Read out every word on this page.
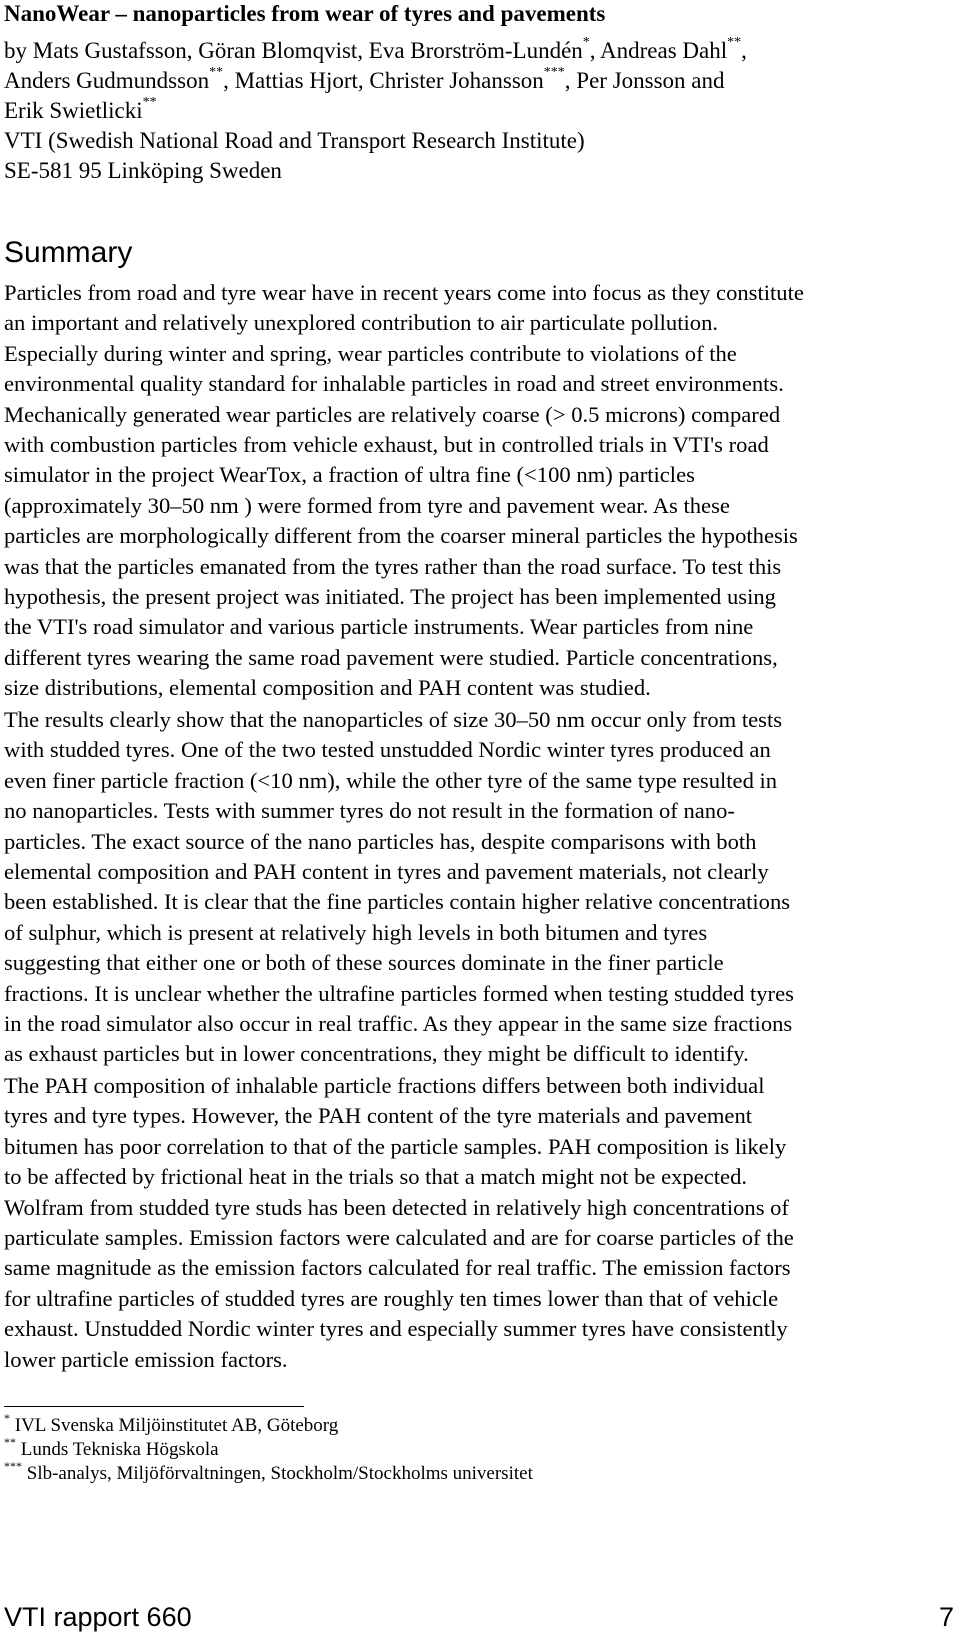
NanoWear – nanoparticles from wear of tyres and pavements
by Mats Gustafsson, Göran Blomqvist, Eva Brorström-Lundén*, Andreas Dahl**,
Anders Gudmundsson**, Mattias Hjort, Christer Johansson***, Per Jonsson and
Erik Swietlicki**
VTI (Swedish National Road and Transport Research Institute)
SE-581 95 Linköping Sweden
Summary
Particles from road and tyre wear have in recent years come into focus as they constitute
an important and relatively unexplored contribution to air particulate pollution.
Especially during winter and spring, wear particles contribute to violations of the
environmental quality standard for inhalable particles in road and street environments.
Mechanically generated wear particles are relatively coarse (> 0.5 microns) compared
with combustion particles from vehicle exhaust, but in controlled trials in VTI's road
simulator in the project WearTox, a fraction of ultra fine (<100 nm) particles
(approximately 30–50 nm ) were formed from tyre and pavement wear. As these
particles are morphologically different from the coarser mineral particles the hypothesis
was that the particles emanated from the tyres rather than the road surface. To test this
hypothesis, the present project was initiated. The project has been implemented using
the VTI's road simulator and various particle instruments. Wear particles from nine
different tyres wearing the same road pavement were studied. Particle concentrations,
size distributions, elemental composition and PAH content was studied.
The results clearly show that the nanoparticles of size 30–50 nm occur only from tests
with studded tyres. One of the two tested unstudded Nordic winter tyres produced an
even finer particle fraction (<10 nm), while the other tyre of the same type resulted in
no nanoparticles. Tests with summer tyres do not result in the formation of nano-
particles. The exact source of the nano particles has, despite comparisons with both
elemental composition and PAH content in tyres and pavement materials, not clearly
been established. It is clear that the fine particles contain higher relative concentrations
of sulphur, which is present at relatively high levels in both bitumen and tyres
suggesting that either one or both of these sources dominate in the finer particle
fractions. It is unclear whether the ultrafine particles formed when testing studded tyres
in the road simulator also occur in real traffic. As they appear in the same size fractions
as exhaust particles but in lower concentrations, they might be difficult to identify.
The PAH composition of inhalable particle fractions differs between both individual
tyres and tyre types. However, the PAH content of the tyre materials and pavement
bitumen has poor correlation to that of the particle samples. PAH composition is likely
to be affected by frictional heat in the trials so that a match might not be expected.
Wolfram from studded tyre studs has been detected in relatively high concentrations of
particulate samples. Emission factors were calculated and are for coarse particles of the
same magnitude as the emission factors calculated for real traffic. The emission factors
for ultrafine particles of studded tyres are roughly ten times lower than that of vehicle
exhaust. Unstudded Nordic winter tyres and especially summer tyres have consistently
lower particle emission factors.
* IVL Svenska Miljöinstitutet AB, Göteborg
** Lunds Tekniska Högskola
*** Slb-analys, Miljöförvaltningen, Stockholm/Stockholms universitet
VTI rapport 660	7
